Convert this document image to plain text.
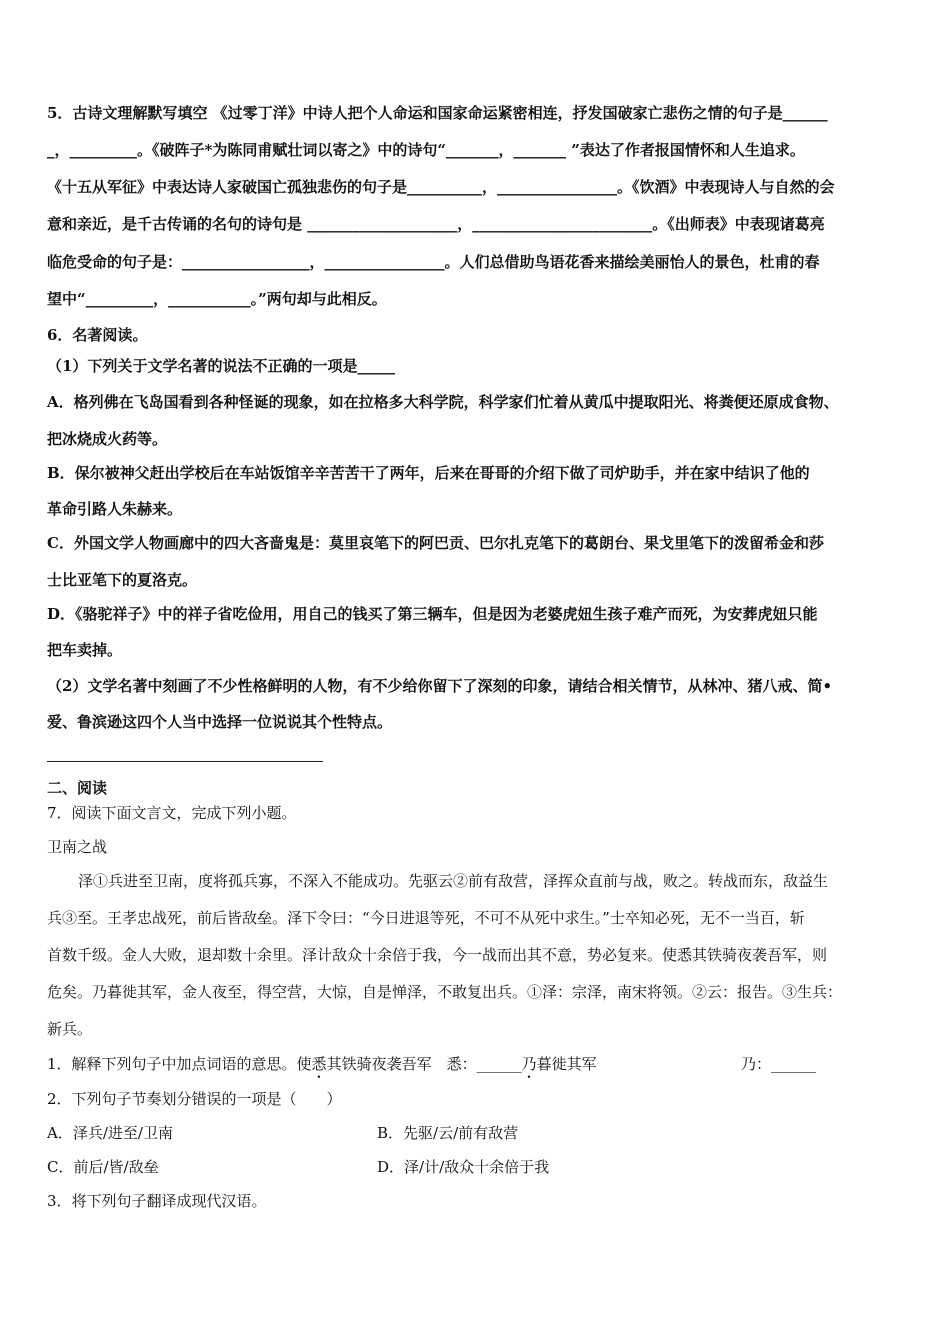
5．古诗文理解默写填空 《过零丁洋》中诗人把个人命运和国家命运紧密相连，抒发国破家亡悲伤之情的句子是______
_，_________。《破阵子*为陈同甫赋壮词以寄之》中的诗句“_______，_______ ”表达了作者报国情怀和人生追求。
《十五从军征》中表达诗人家破国亡孤独悲伤的句子是__________，________________。《饮酒》中表现诗人与自然的会
意和亲近，是千古传诵的名句的诗句是 ____________________，________________________。《出师表》中表现诸葛亮
临危受命的句子是：_________________，________________。人们总借助鸟语花香来描绘美丽怡人的景色，杜甫的春
望中“_________，___________。”两句却与此相反。
6．名著阅读。
（1）下列关于文学名著的说法不正确的一项是_____
A．格列佛在飞岛国看到各种怪诞的现象，如在拉格多大科学院，科学家们忙着从黄瓜中提取阳光、将粪便还原成食物、
把冰烧成火药等。
B．保尔被神父赶出学校后在车站饭馆辛辛苦苦干了两年，后来在哥哥的介绍下做了司炉助手，并在家中结识了他的
革命引路人朱赫来。
C．外国文学人物画廊中的四大吝啬鬼是：莫里哀笔下的阿巴贡、巴尔扎克笔下的葛朗台、果戈里笔下的泼留希金和莎
士比亚笔下的夏洛克。
D．《骆驼祥子》中的祥子省吃俭用，用自己的钱买了第三辆车，但是因为老婆虎妞生孩子难产而死，为安葬虎妞只能
把车卖掉。
（2）文学名著中刻画了不少性格鲜明的人物，有不少给你留下了深刻的印象，请结合相关情节，从林冲、猪八戒、简•
爱、鲁滨逊这四个人当中选择一位说说其个性特点。
二、阅读
7．阅读下面文言文，完成下列小题。
卫南之战
泽①兵进至卫南，度将孤兵寡，不深入不能成功。先驱云②前有敌营，泽挥众直前与战，败之。转战而东，敌益生
兵③至。王孝忠战死，前后皆敌垒。泽下令曰：“今日进退等死，不可不从死中求生。”士卒知必死，无不一当百，斩
首数千级。金人大败，退却数十余里。泽计敌众十余倍于我，今一战而出其不意，势必复来。使悉其铁骑夜袭吾军，则
危矣。乃暮徙其军，金人夜至，得空营，大惊，自是惮泽，不敢复出兵。①泽：宗泽，南宋将领。②云：报告。③生兵：
新兵。
1．解释下列句子中加点词语的意思。使悉其铁骑夜袭吾军　悉：______乃暮徙其军	乃：______
2．下列句子节奏划分错误的一项是（　　）
A．泽兵/进至/卫南	B．先驱/云/前有敌营
C．前后/皆/敌垒	D．泽/计/敌众十余倍于我
3．将下列句子翻译成现代汉语。
